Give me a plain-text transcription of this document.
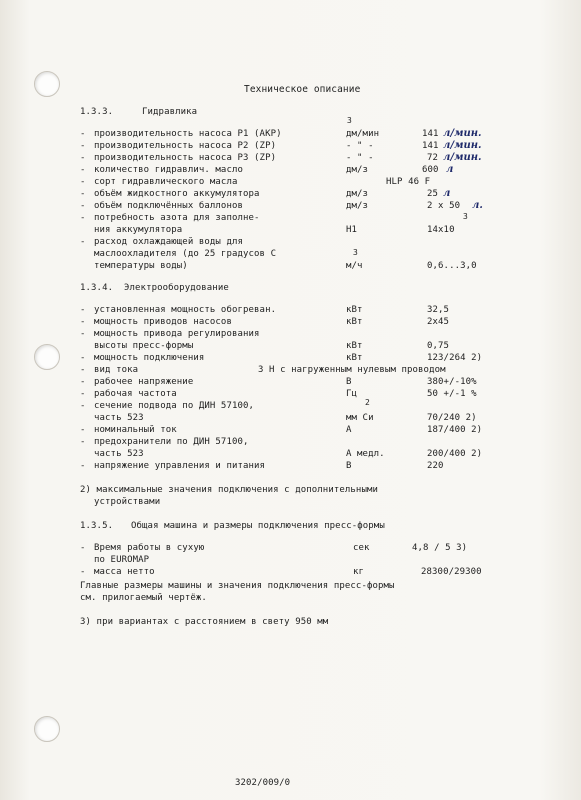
Техническое описание
1.3.3.	Гидравлика
3
- производительность насоса Р1 (АКР)	дм/мин	141 л/мин.
- производительность насоса Р2 (ZP)	- " -	141 л/мин.
- производительность насоса Р3 (ZP)	- " -	72 л/мин.
- количество гидравлич. масло	дм/з	600 л
- сорт гидравлического масла	HLP 46 F
- объём жидкостного аккумулятора	дм/з	25 л
- объём подключённых баллонов	дм/з	2 x 50 л.
- потребность азота для заполне-	3
ния аккумулятора	Н1	14х10
- расход охлаждающей воды для
маслоохладителя (до 25 градусов С	3
температуры воды)	м/ч	0,6...3,0
1.3.4. Электрооборудование
- установленная мощность обогреван.	кВт	32,5
- мощность приводов насосов	кВт	2х45
- мощность привода регулирования
высоты пресс-формы	кВт	0,75
- мощность подключения	кВт	123/264 2)
- вид тока	3 Н с нагруженным нулевым проводом
- рабочее напряжение	В	380+/-10%
- рабочая частота	Гц	50 +/-1 %
- сечение подвода по ДИН 57100,	2
часть 523	мм Си	70/240 2)
- номинальный ток	А	187/400 2)
- предохранители по ДИН 57100,
часть 523	А медл.	200/400 2)
- напряжение управления и питания	В	220
2) максимальные значения подключения с дополнительными
устройствами
1.3.5. Общая машина и размеры подключения пресс-формы
- Время работы в сухую	сек	4,8 / 5 3)
по EUROMAP
- масса нетто	кг	28300/29300
Главные размеры машины и значения подключения пресс-формы
см. прилогаемый чертёж.
3) при вариантах с расстоянием в свету 950 мм
3202/009/0
